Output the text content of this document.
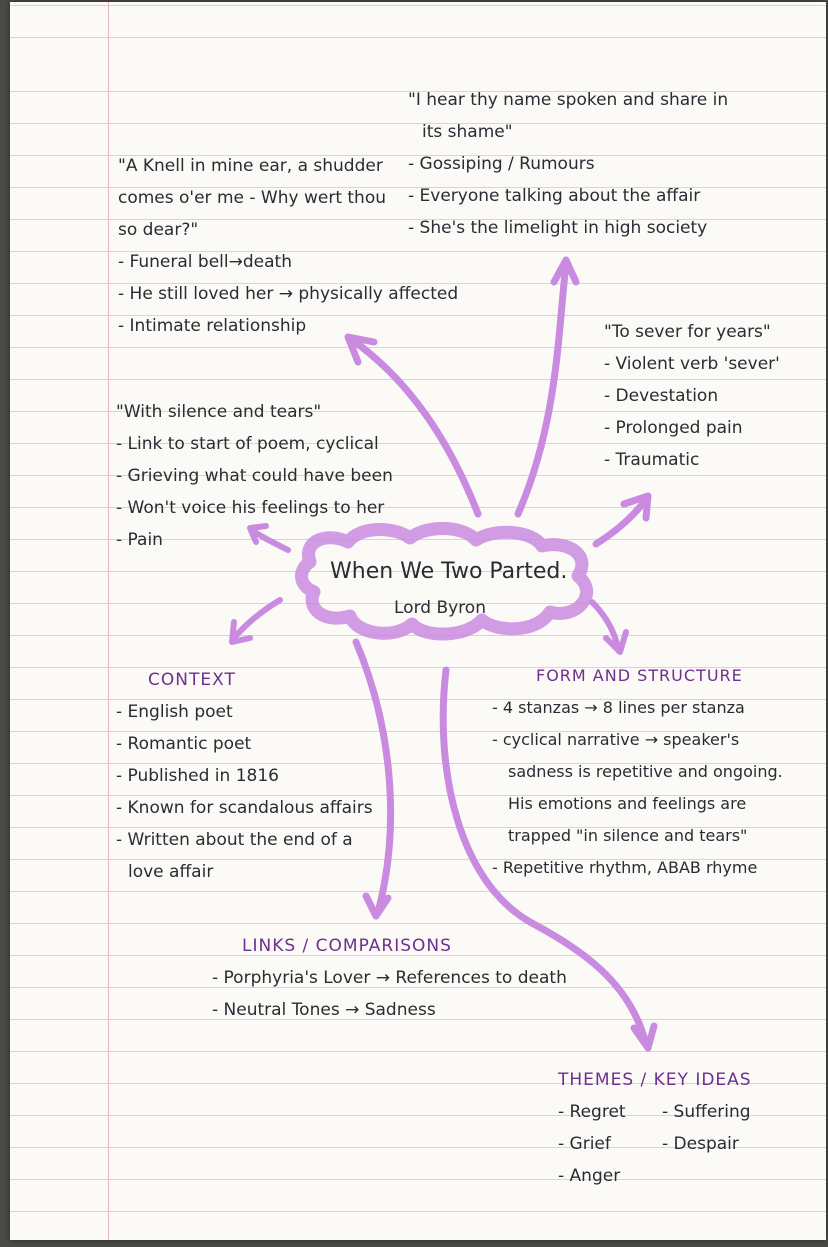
"A Knell in mine ear, a shudder
comes o'er me - Why wert thou
so dear?"
- Funeral bell→death
- He still loved her → physically affected
- Intimate relationship
"I hear thy name spoken and share in
its shame"
- Gossiping / Rumours
- Everyone talking about the affair
- She's the limelight in high society
"To sever for years"
- Violent verb 'sever'
- Devestation
- Prolonged pain
- Traumatic
"With silence and tears"
- Link to start of poem, cyclical
- Grieving what could have been
- Won't voice his feelings to her
- Pain
When We Two Parted.
Lord Byron
CONTEXT
- English poet
- Romantic poet
- Published in 1816
- Known for scandalous affairs
- Written about the end of a
love affair
FORM AND STRUCTURE
- 4 stanzas → 8 lines per stanza
- cyclical narrative → speaker's
sadness is repetitive and ongoing.
His emotions and feelings are
trapped "in silence and tears"
- Repetitive rhythm, ABAB rhyme
LINKS / COMPARISONS
- Porphyria's Lover → References to death
- Neutral Tones → Sadness
THEMES / KEY IDEAS
- Regret
- Grief
- Anger
- Suffering
- Despair
